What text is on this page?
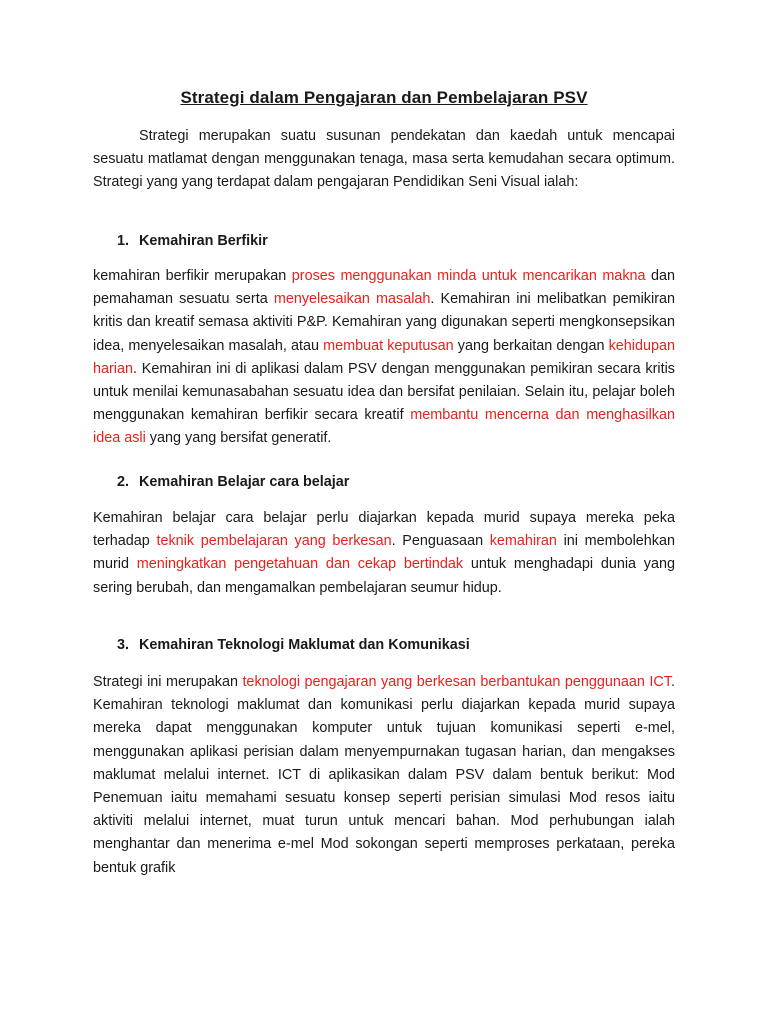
Strategi dalam Pengajaran dan Pembelajaran PSV

Strategi merupakan suatu susunan pendekatan dan kaedah untuk mencapai sesuatu matlamat dengan menggunakan tenaga, masa serta kemudahan secara optimum. Strategi yang yang terdapat dalam pengajaran Pendidikan Seni Visual ialah:

1. Kemahiran Berfikir

kemahiran berfikir merupakan proses menggunakan minda untuk mencarikan makna dan pemahaman sesuatu serta menyelesaikan masalah. Kemahiran ini melibatkan pemikiran kritis dan kreatif semasa aktiviti P&P. Kemahiran yang digunakan seperti mengkonsepsikan idea, menyelesaikan masalah, atau membuat keputusan yang berkaitan dengan kehidupan harian. Kemahiran ini di aplikasi dalam PSV dengan menggunakan pemikiran secara kritis untuk menilai kemunasabahan sesuatu idea dan bersifat penilaian. Selain itu, pelajar boleh menggunakan kemahiran berfikir secara kreatif membantu mencerna dan menghasilkan idea asli yang yang bersifat generatif.

2. Kemahiran Belajar cara belajar

Kemahiran belajar cara belajar perlu diajarkan kepada murid supaya mereka peka terhadap teknik pembelajaran yang berkesan. Penguasaan kemahiran ini membolehkan murid meningkatkan pengetahuan dan cekap bertindak untuk menghadapi dunia yang sering berubah, dan mengamalkan pembelajaran seumur hidup.

3. Kemahiran Teknologi Maklumat dan Komunikasi

Strategi ini merupakan teknologi pengajaran yang berkesan berbantukan penggunaan ICT. Kemahiran teknologi maklumat dan komunikasi perlu diajarkan kepada murid supaya mereka dapat menggunakan komputer untuk tujuan komunikasi seperti e-mel, menggunakan aplikasi perisian dalam menyempurnakan tugasan harian, dan mengakses maklumat melalui internet. ICT di aplikasikan dalam PSV dalam bentuk berikut: Mod Penemuan iaitu memahami sesuatu konsep seperti perisian simulasi Mod resos iaitu aktiviti melalui internet, muat turun untuk mencari bahan. Mod perhubungan ialah menghantar dan menerima e-mel Mod sokongan seperti memproses perkataan, pereka bentuk grafik
